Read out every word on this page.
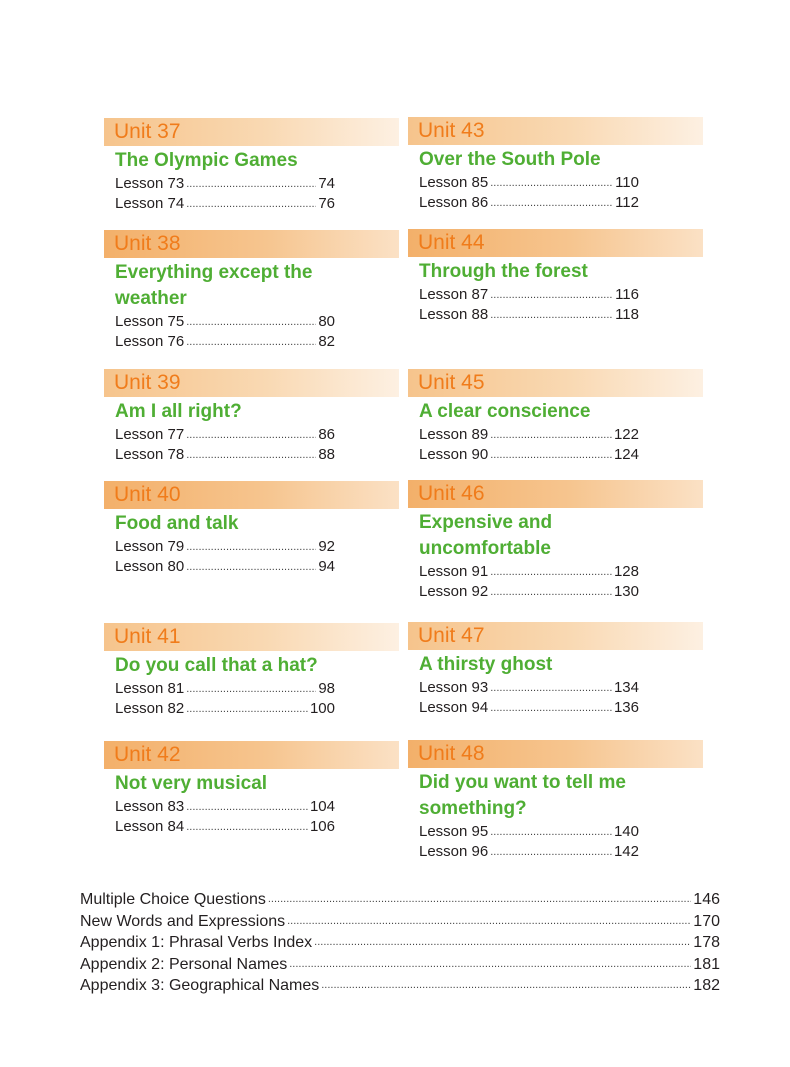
Unit 37
The Olympic Games
Lesson 73 .....	74
Lesson 74 .....	76
Unit 38
Everything except the weather
Lesson 75 .....	80
Lesson 76 .....	82
Unit 39
Am I all right?
Lesson 77 .....	86
Lesson 78 .....	88
Unit 40
Food and talk
Lesson 79 .....	92
Lesson 80 .....	94
Unit 41
Do you call that a hat?
Lesson 81 .....	98
Lesson 82 .....	100
Unit 42
Not very musical
Lesson 83 .....	104
Lesson 84 .....	106
Unit 43
Over the South Pole
Lesson 85 .....	110
Lesson 86 .....	112
Unit 44
Through the forest
Lesson 87 .....	116
Lesson 88 .....	118
Unit 45
A clear conscience
Lesson 89 .....	122
Lesson 90 .....	124
Unit 46
Expensive and uncomfortable
Lesson 91 .....	128
Lesson 92 .....	130
Unit 47
A thirsty ghost
Lesson 93 .....	134
Lesson 94 .....	136
Unit 48
Did you want to tell me something?
Lesson 95 .....	140
Lesson 96 .....	142
Multiple Choice Questions .....	146
New Words and Expressions .....	170
Appendix 1: Phrasal Verbs Index .....	178
Appendix 2: Personal Names .....	181
Appendix 3: Geographical Names .....	182
